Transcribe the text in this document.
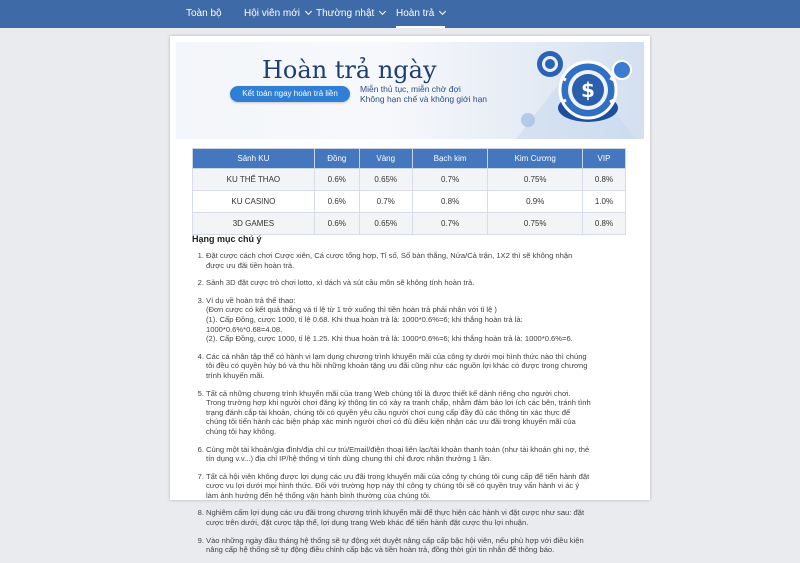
Toàn bộ Hội viên mới	Thường nhật	Hoàn trả
Hoàn trả ngày
Kết toán ngay hoàn trả liền	Miễn thủ tục, miễn chờ đợi
Không hạn chế và không giới hạn	$
Sảnh KU	Đồng	Vàng	Bạch kim	Kim Cương	VIP
KU THỂ THAO	0.6%	0.65%	0.7%	0.75%	0.8%
KU CASINO	0.6%	0.7%	0.8%	0.9%	1.0%
3D GAMES	0.6%	0.65%	0.7%	0.75%	0.8%
Hạng mục chú ý
1. Đặt cược cách chơi Cược xiên, Cá cược tổng hợp, Tỉ số, Số bàn thắng, Nửa/Cả trận, 1X2 thì sẽ không nhận

được ưu đãi tiền hoàn trả.

2. Sảnh 3D đặt cược trò chơi lotto, xì dách và sút cầu môn sẽ không tính hoàn trả.

3. Ví dụ về hoàn trả thể thao:

(Đơn cược có kết quả thắng và tỉ lệ từ 1 trở xuống thì tiền hoàn trả phải nhân với tỉ lệ )

(1). Cấp Đồng, cược 1000, tỉ lệ 0.68. Khi thua hoàn trả là: 1000*0.6%=6; khi thắng hoàn trả là:

1000*0.6%*0.68=4.08.

(2). Cấp Đồng, cược 1000, tỉ lệ 1.25. Khi thua hoàn trả là: 1000*0.6%=6; khi thắng hoàn trả là: 1000*0.6%=6.

4. Các cá nhân tập thể có hành vi lạm dụng chương trình khuyến mãi của công ty dưới mọi hình thức nào thì chúng

tôi đều có quyền hủy bỏ và thu hồi những khoản tặng ưu đãi cũng như các nguồn lợi khác có được trong chương

trình khuyến mãi.

5. Tất cả những chương trình khuyến mãi của trang Web chúng tôi là được thiết kế dành riêng cho người chơi.

Trong trường hợp khi người chơi đăng ký thông tin có xảy ra tranh chấp, nhằm đảm bảo lợi ích các bên, tránh tình

trạng đánh cắp tài khoản, chúng tôi có quyền yêu cầu người chơi cung cấp đầy đủ các thông tin xác thực để

chúng tôi tiến hành các biện pháp xác minh người chơi có đủ điều kiện nhận các ưu đãi trong khuyến mãi của

chúng tôi hay không.

6. Cùng một tài khoản/gia đình/địa chỉ cư trú/Email/điện thoại liên lạc/tài khoản thanh toán (như tài khoản ghi nợ, thẻ

tín dụng v.v...) địa chỉ IP/hệ thống vi tính dùng chung thì chỉ được nhận thưởng 1 lần.

7. Tất cả hội viên không được lợi dụng các ưu đãi trong khuyến mãi của công ty chúng tôi cung cấp để tiến hành đặt

cược vu lợi dưới mọi hình thức. Đối với trường hợp này thì công ty chúng tôi sẽ có quyền truy vấn hành vi ác ý

làm ảnh hưởng đến hệ thống vận hành bình thường của chúng tôi.

8. Nghiêm cấm lợi dụng các ưu đãi trong chương trình khuyến mãi để thực hiện các hành vi đặt cược như sau: đặt

cược trên dưới, đặt cược tập thể, lợi dụng trang Web khác để tiến hành đặt cược thu lợi nhuận.

9. Vào những ngày đầu tháng hệ thống sẽ tự động xét duyệt nâng cấp cấp bậc hội viên, nếu phù hợp với điều kiện

nâng cấp hệ thống sẽ tự động điều chỉnh cấp bậc và tiền hoàn trả, đồng thời gửi tin nhắn để thông báo.
